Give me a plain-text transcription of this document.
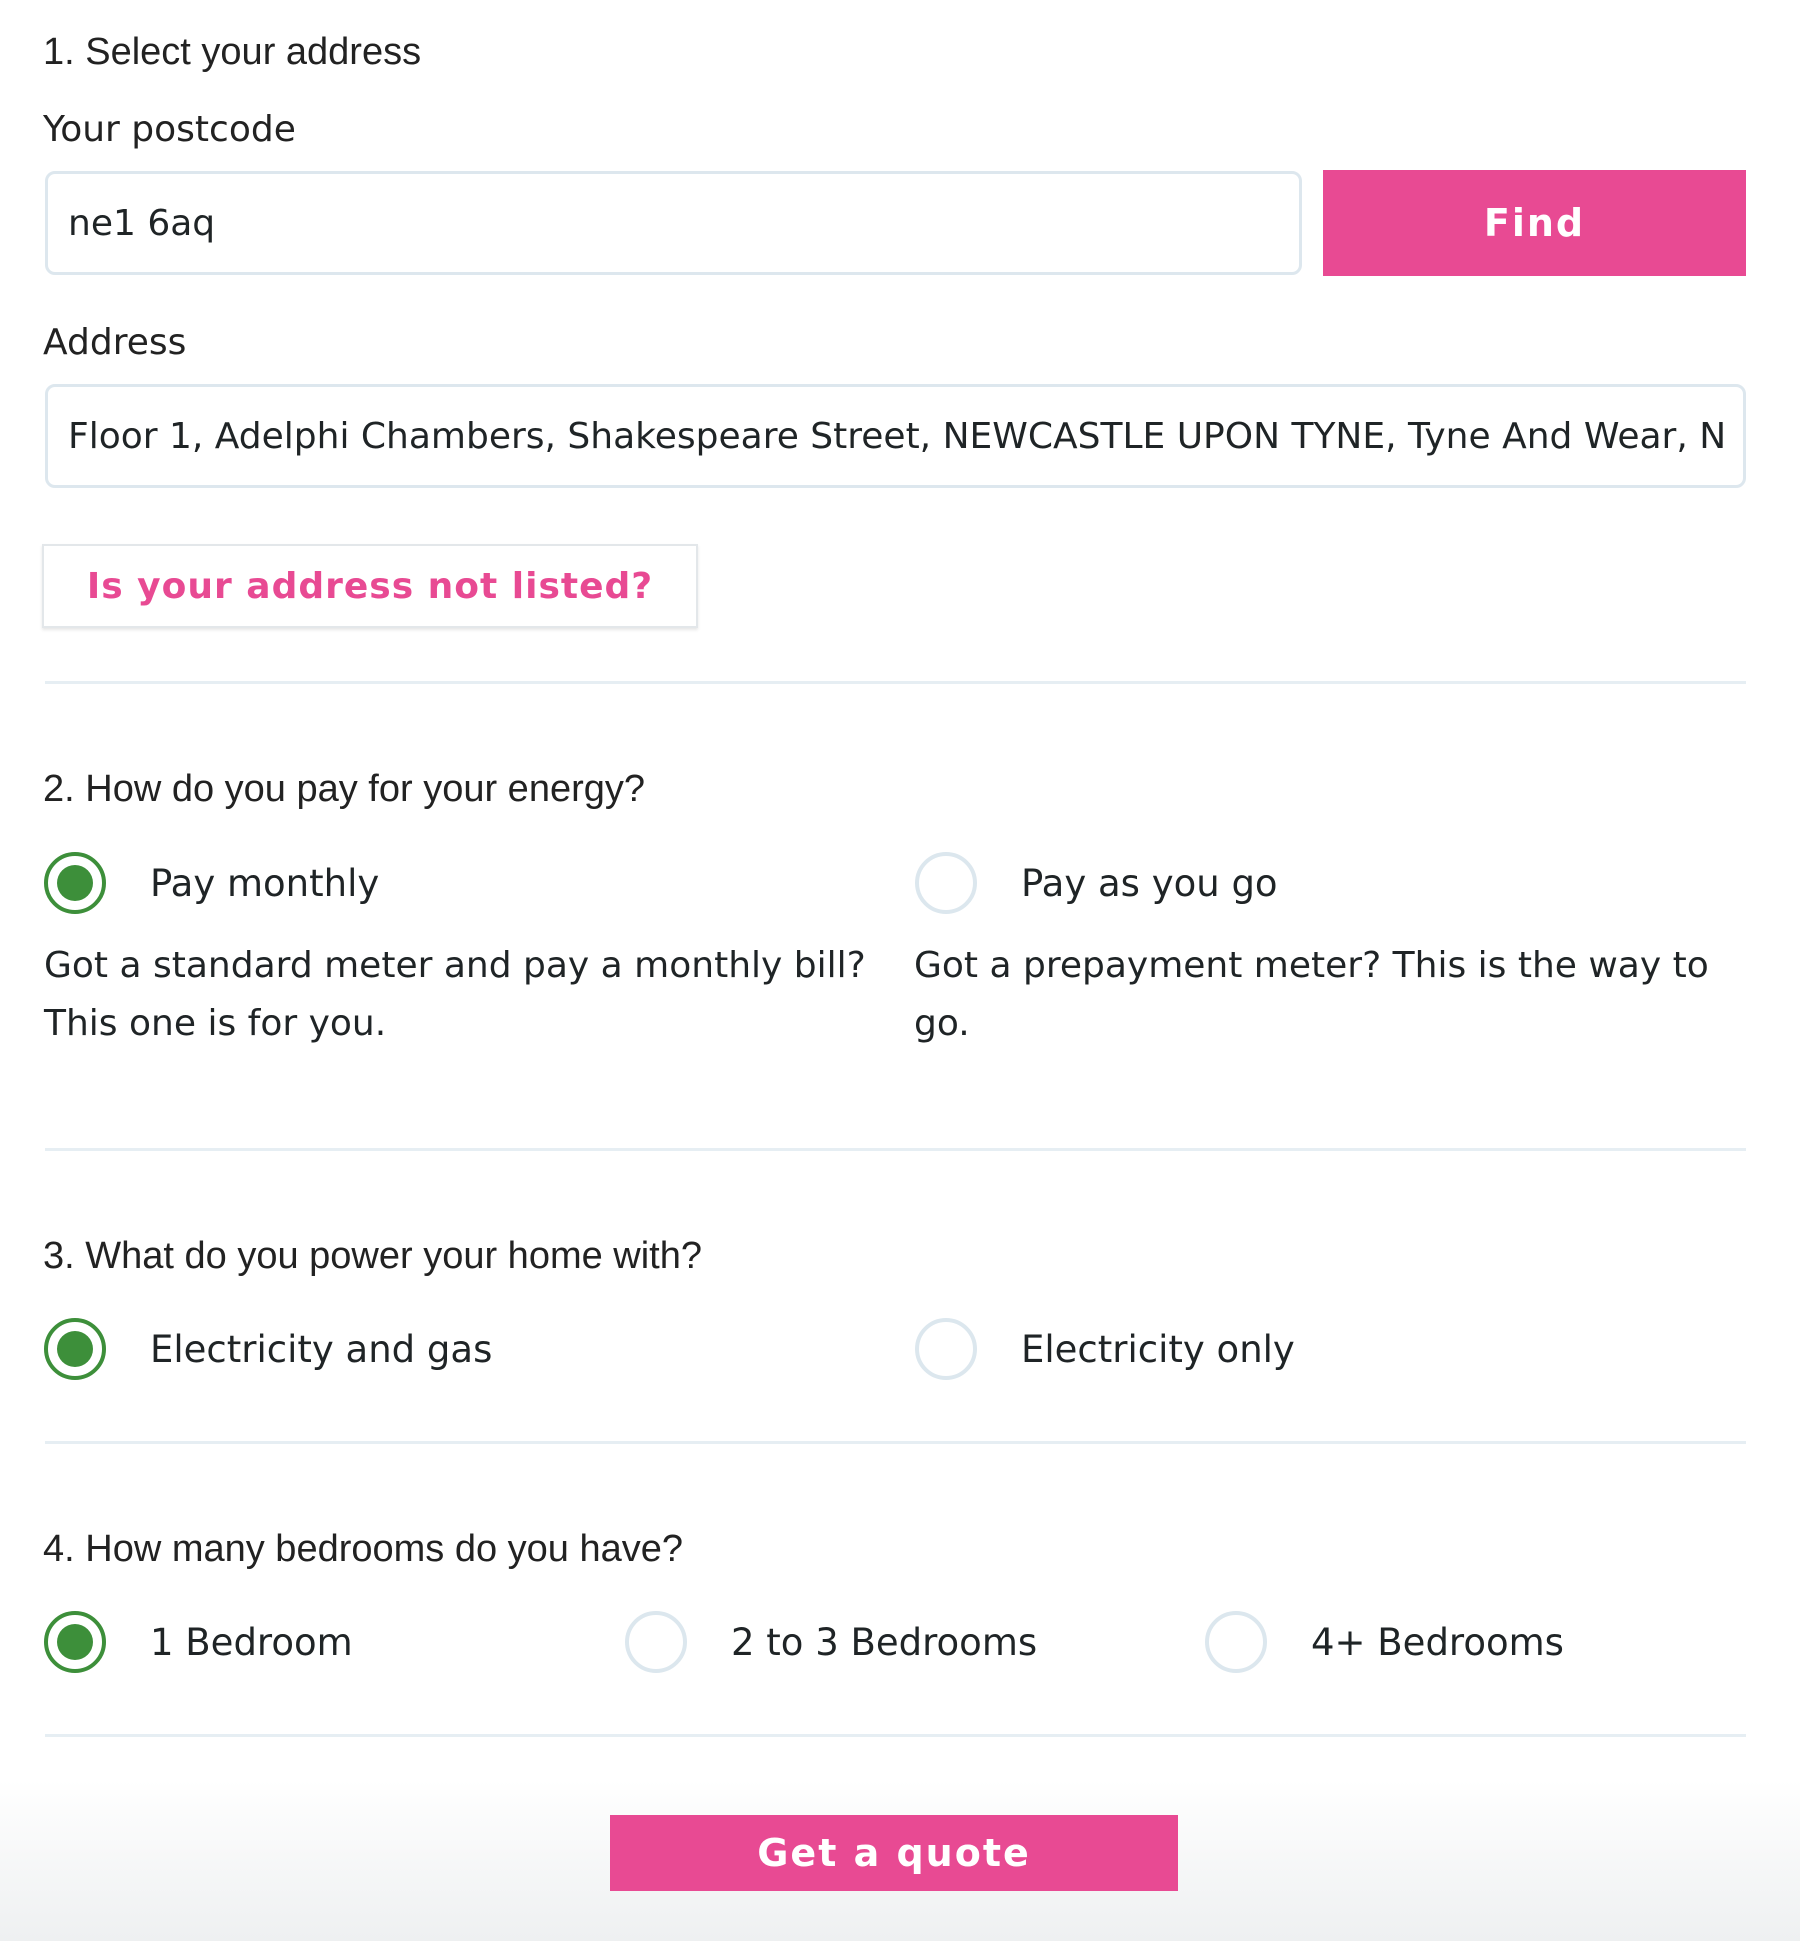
1. Select your address
Your postcode
ne1 6aq
Find
Address
Floor 1, Adelphi Chambers, Shakespeare Street, NEWCASTLE UPON TYNE, Tyne And Wear, NE1 6AQ
Is your address not listed?
2. How do you pay for your energy?
Pay monthly	Pay as you go
Got a standard meter and pay a monthly bill? This one is for you.
Got a prepayment meter? This is the way to go.
3. What do you power your home with?
Electricity and gas	Electricity only
4. How many bedrooms do you have?
1 Bedroom	2 to 3 Bedrooms	4+ Bedrooms
Get a quote
